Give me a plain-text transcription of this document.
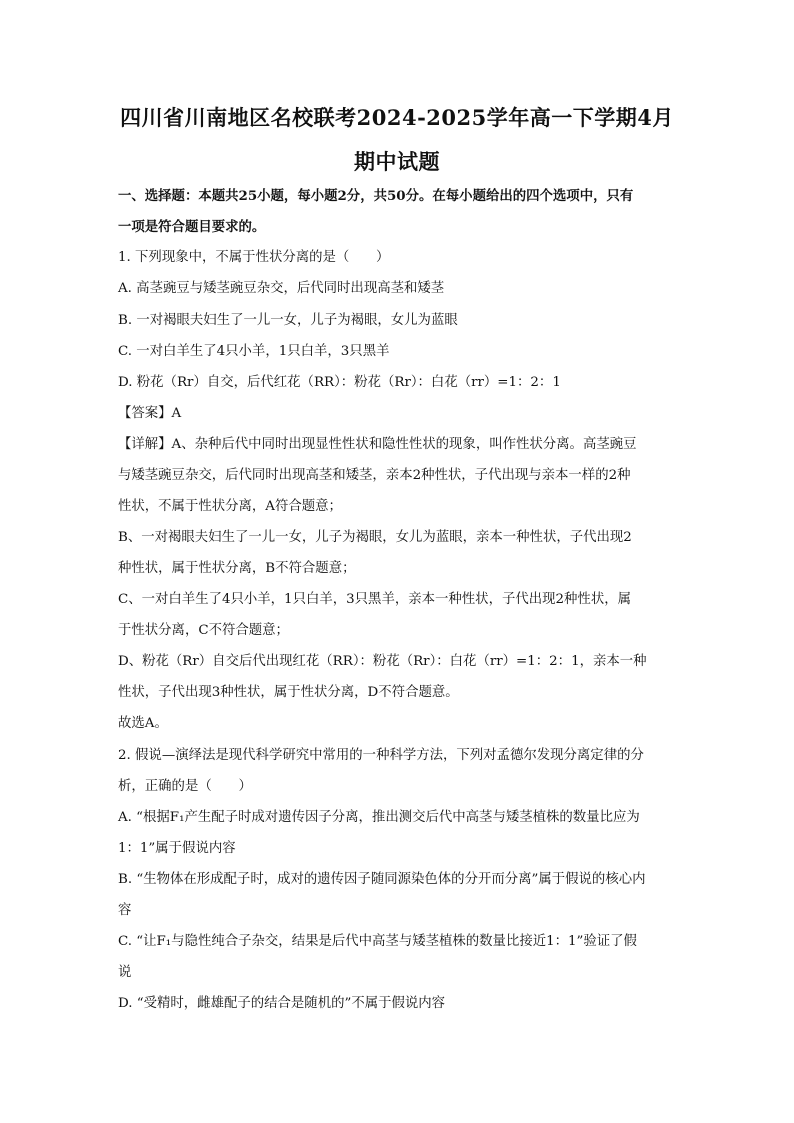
四川省川南地区名校联考2024-2025学年高一下学期4月
期中试题
一、选择题：本题共25小题，每小题2分，共50分。在每小题给出的四个选项中，只有
一项是符合题目要求的。
1. 下列现象中，不属于性状分离的是（　　）
A. 高茎豌豆与矮茎豌豆杂交，后代同时出现高茎和矮茎
B. 一对褐眼夫妇生了一儿一女，儿子为褐眼，女儿为蓝眼
C. 一对白羊生了4只小羊，1只白羊，3只黑羊
D. 粉花（Rr）自交，后代红花（RR）：粉花（Rr）：白花（rr）=1：2：1
【答案】A
【详解】A、杂种后代中同时出现显性性状和隐性性状的现象，叫作性状分离。高茎豌豆
与矮茎豌豆杂交，后代同时出现高茎和矮茎，亲本2种性状，子代出现与亲本一样的2种
性状，不属于性状分离，A符合题意；
B、一对褐眼夫妇生了一儿一女，儿子为褐眼，女儿为蓝眼，亲本一种性状，子代出现2
种性状，属于性状分离，B不符合题意；
C、一对白羊生了4只小羊，1只白羊，3只黑羊，亲本一种性状，子代出现2种性状，属
于性状分离，C不符合题意；
D、粉花（Rr）自交后代出现红花（RR）：粉花（Rr）：白花（rr）=1：2：1，亲本一种
性状，子代出现3种性状，属于性状分离，D不符合题意。
故选A。
2. 假说—演绎法是现代科学研究中常用的一种科学方法，下列对孟德尔发现分离定律的分
析，正确的是（　　）
A. “根据F₁产生配子时成对遗传因子分离，推出测交后代中高茎与矮茎植株的数量比应为
1：1”属于假说内容
B. “生物体在形成配子时，成对的遗传因子随同源染色体的分开而分离”属于假说的核心内
容
C. “让F₁与隐性纯合子杂交，结果是后代中高茎与矮茎植株的数量比接近1：1”验证了假
说
D. “受精时，雌雄配子的结合是随机的”不属于假说内容
